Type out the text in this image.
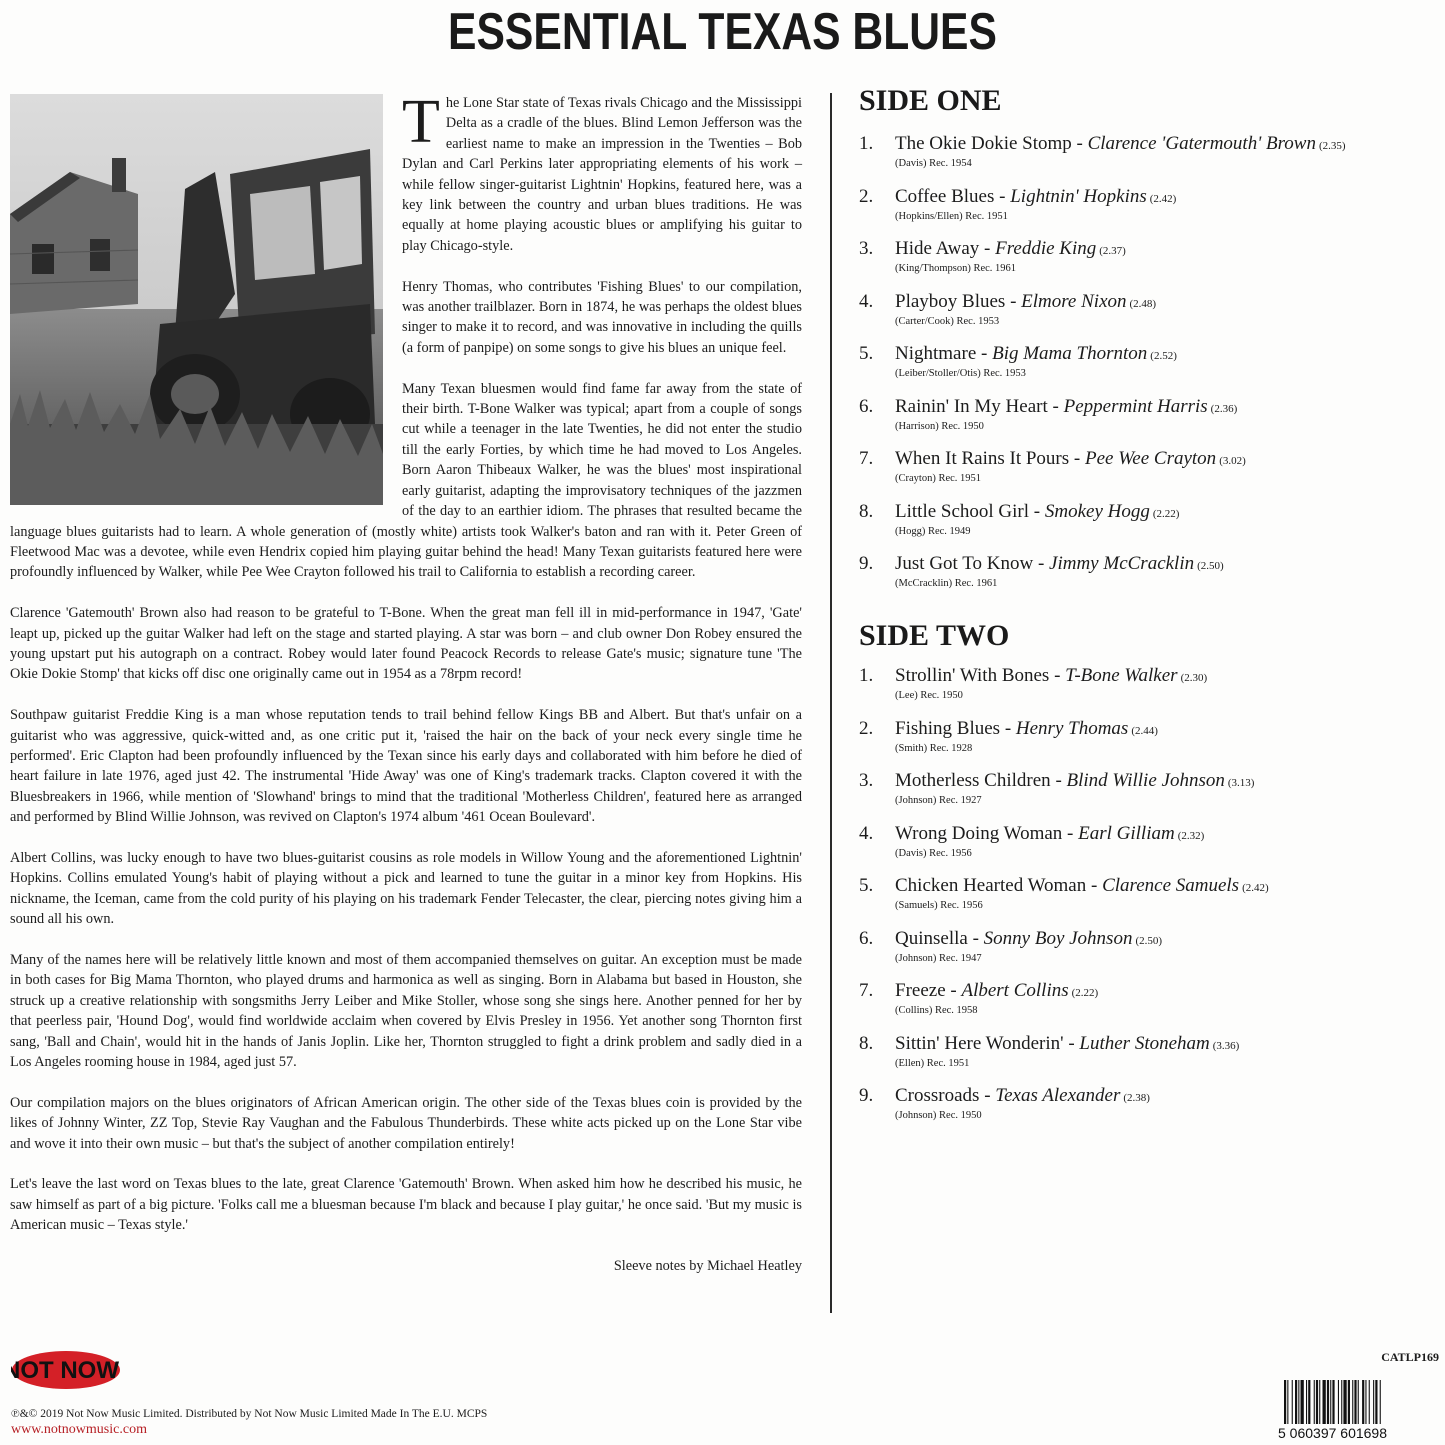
ESSENTIAL TEXAS BLUES

The Lone Star state of Texas rivals Chicago and the Mississippi Delta as a cradle of the blues. Blind Lemon Jefferson was the earliest name to make an impression in the Twenties – Bob Dylan and Carl Perkins later appropriating elements of his work – while fellow singer-guitarist Lightnin' Hopkins, featured here, was a key link between the country and urban blues traditions. He was equally at home playing acoustic blues or amplifying his guitar to play Chicago-style.

Henry Thomas, who contributes 'Fishing Blues' to our compilation, was another trailblazer. Born in 1874, he was perhaps the oldest blues singer to make it to record, and was innovative in including the quills (a form of panpipe) on some songs to give his blues an unique feel.

Many Texan bluesmen would find fame far away from the state of their birth. T-Bone Walker was typical; apart from a couple of songs cut while a teenager in the late Twenties, he did not enter the studio till the early Forties, by which time he had moved to Los Angeles. Born Aaron Thibeaux Walker, he was the blues' most inspirational early guitarist, adapting the improvisatory techniques of the jazzmen of the day to an earthier idiom. The phrases that resulted became the language blues guitarists had to learn. A whole generation of (mostly white) artists took Walker's baton and ran with it. Peter Green of Fleetwood Mac was a devotee, while even Hendrix copied him playing guitar behind the head! Many Texan guitarists featured here were profoundly influenced by Walker, while Pee Wee Crayton followed his trail to California to establish a recording career.

Clarence 'Gatemouth' Brown also had reason to be grateful to T-Bone. When the great man fell ill in mid-performance in 1947, 'Gate' leapt up, picked up the guitar Walker had left on the stage and started playing. A star was born – and club owner Don Robey ensured the young upstart put his autograph on a contract. Robey would later found Peacock Records to release Gate's music; signature tune 'The Okie Dokie Stomp' that kicks off disc one originally came out in 1954 as a 78rpm record!

Southpaw guitarist Freddie King is a man whose reputation tends to trail behind fellow Kings BB and Albert. But that's unfair on a guitarist who was aggressive, quick-witted and, as one critic put it, 'raised the hair on the back of your neck every single time he performed'. Eric Clapton had been profoundly influenced by the Texan since his early days and collaborated with him before he died of heart failure in late 1976, aged just 42. The instrumental 'Hide Away' was one of King's trademark tracks. Clapton covered it with the Bluesbreakers in 1966, while mention of 'Slowhand' brings to mind that the traditional 'Motherless Children', featured here as arranged and performed by Blind Willie Johnson, was revived on Clapton's 1974 album '461 Ocean Boulevard'.

Albert Collins, was lucky enough to have two blues-guitarist cousins as role models in Willow Young and the aforementioned Lightnin' Hopkins. Collins emulated Young's habit of playing without a pick and learned to tune the guitar in a minor key from Hopkins. His nickname, the Iceman, came from the cold purity of his playing on his trademark Fender Telecaster, the clear, piercing notes giving him a sound all his own.

Many of the names here will be relatively little known and most of them accompanied themselves on guitar. An exception must be made in both cases for Big Mama Thornton, who played drums and harmonica as well as singing. Born in Alabama but based in Houston, she struck up a creative relationship with songsmiths Jerry Leiber and Mike Stoller, whose song she sings here. Another penned for her by that peerless pair, 'Hound Dog', would find worldwide acclaim when covered by Elvis Presley in 1956. Yet another song Thornton first sang, 'Ball and Chain', would hit in the hands of Janis Joplin. Like her, Thornton struggled to fight a drink problem and sadly died in a Los Angeles rooming house in 1984, aged just 57.

Our compilation majors on the blues originators of African American origin. The other side of the Texas blues coin is provided by the likes of Johnny Winter, ZZ Top, Stevie Ray Vaughan and the Fabulous Thunderbirds. These white acts picked up on the Lone Star vibe and wove it into their own music – but that's the subject of another compilation entirely!

Let's leave the last word on Texas blues to the late, great Clarence 'Gatemouth' Brown. When asked him how he described his music, he saw himself as part of a big picture. 'Folks call me a bluesman because I'm black and because I play guitar,' he once said. 'But my music is American music – Texas style.'

Sleeve notes by Michael Heatley

SIDE ONE
1. The Okie Dokie Stomp - Clarence 'Gatermouth' Brown (2.35)
(Davis) Rec. 1954
2. Coffee Blues - Lightnin' Hopkins (2.42)
(Hopkins/Ellen) Rec. 1951
3. Hide Away - Freddie King (2.37)
(King/Thompson) Rec. 1961
4. Playboy Blues - Elmore Nixon (2.48)
(Carter/Cook) Rec. 1953
5. Nightmare - Big Mama Thornton (2.52)
(Leiber/Stoller/Otis) Rec. 1953
6. Rainin' In My Heart - Peppermint Harris (2.36)
(Harrison) Rec. 1950
7. When It Rains It Pours - Pee Wee Crayton (3.02)
(Crayton) Rec. 1951
8. Little School Girl - Smokey Hogg (2.22)
(Hogg) Rec. 1949
9. Just Got To Know - Jimmy McCracklin (2.50)
(McCracklin) Rec. 1961
SIDE TWO
1. Strollin' With Bones - T-Bone Walker (2.30)
(Lee) Rec. 1950
2. Fishing Blues - Henry Thomas (2.44)
(Smith) Rec. 1928
3. Motherless Children - Blind Willie Johnson (3.13)
(Johnson) Rec. 1927
4. Wrong Doing Woman - Earl Gilliam (2.32)
(Davis) Rec. 1956
5. Chicken Hearted Woman - Clarence Samuels (2.42)
(Samuels) Rec. 1956
6. Quinsella - Sonny Boy Johnson (2.50)
(Johnson) Rec. 1947
7. Freeze - Albert Collins (2.22)
(Collins) Rec. 1958
8. Sittin' Here Wonderin' - Luther Stoneham (3.36)
(Ellen) Rec. 1951
9. Crossroads - Texas Alexander (2.38)
(Johnson) Rec. 1950
NOT NOW

℗&© 2019 Not Now Music Limited. Distributed by Not Now Music Limited Made In The E.U. MCPS

www.notnowmusic.com

CATLP169

5 060397 601698
